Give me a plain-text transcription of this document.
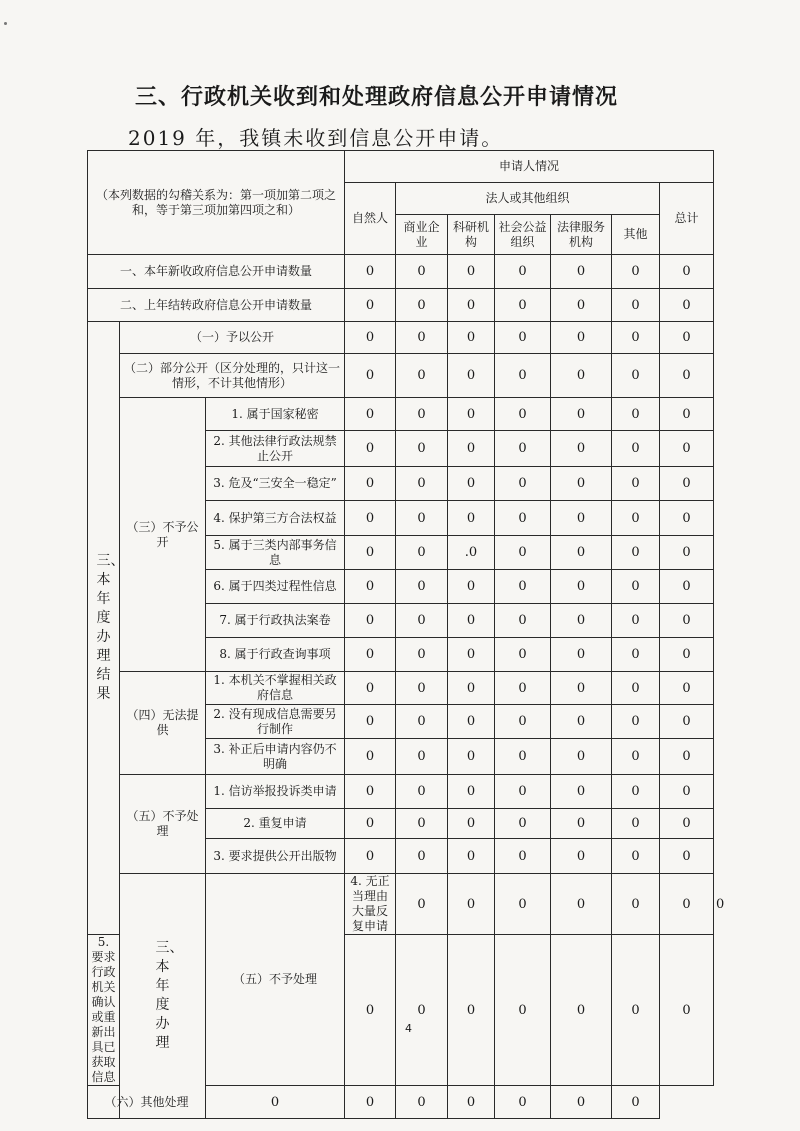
三、行政机关收到和处理政府信息公开申请情况

2019 年，我镇未收到信息公开申请。

（本列数据的勾稽关系为：第一项加第二项之和，等于第三项加第四项之和）			申请人情况							
			自然人	法人或其他组织					总计	
				商业企业	科研机构	社会公益组织	法律服务机构	其他		
一、本年新收政府信息公开申请数量			0	0	0	0	0	0	0	
二、上年结转政府信息公开申请数量			0	0	0	0	0	0	0	
三、本年度办理结果	（一）予以公开		0	0	0	0	0	0	0	
	（二）部分公开（区分处理的，只计这一情形，不计其他情形）		0	0	0	0	0	0	0	
	（三）不予公开	1. 属于国家秘密	0	0	0	0	0	0	0	
		2. 其他法律行政法规禁止公开	0	0	0	0	0	0	0	
		3. 危及“三安全一稳定”	0	0	0	0	0	0	0	
		4. 保护第三方合法权益	0	0	0	0	0	0	0	
		5. 属于三类内部事务信息	0	0	.0	0	0	0	0	
		6. 属于四类过程性信息	0	0	0	0	0	0	0	
		7. 属于行政执法案卷	0	0	0	0	0	0	0	
		8. 属于行政查询事项	0	0	0	0	0	0	0	
	（四）无法提供	1. 本机关不掌握相关政府信息	0	0	0	0	0	0	0	
		2. 没有现成信息需要另行制作	0	0	0	0	0	0	0	
		3. 补正后申请内容仍不明确	0	0	0	0	0	0	0	
	（五）不予处理	1. 信访举报投诉类申请	0	0	0	0	0	0	0	
		2. 重复申请	0	0	0	0	0	0	0	
		3. 要求提供公开出版物	0	0	0	0	0	0	0	
	三、本年度办理	（五）不予处理	4. 无正当理由大量反复申请	0	0	0	0	0	0	0
5. 要求行政机关确认或重新出具已获取信息			0	0	0	0	0	0	0	
（六）其他处理		0	0	0	0	0	0	0		
4
